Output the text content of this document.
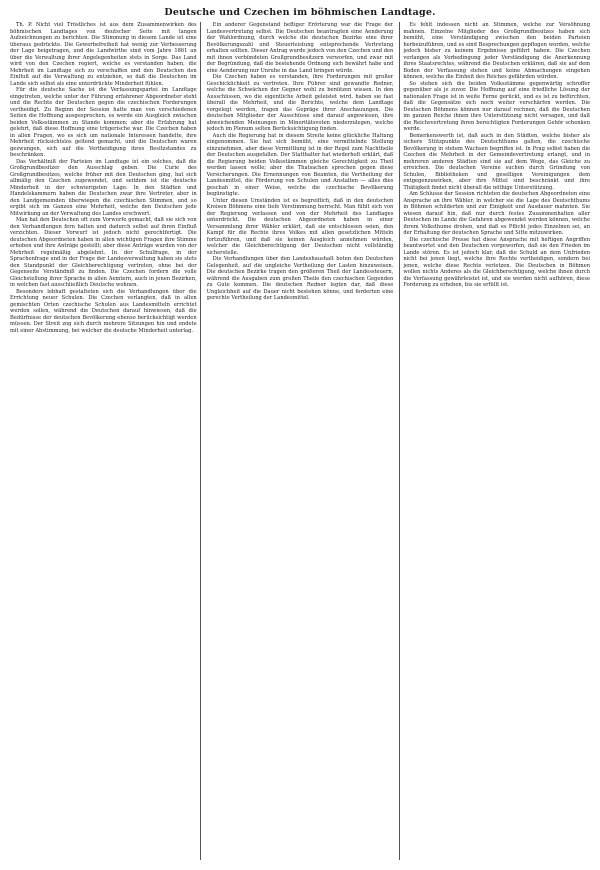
Deutsche und Czechen im böhmischen Landtage.

Th. P. Nicht viel Tröstliches ist aus dem Zusammenwirken des böhmischen Landtages von deutscher Seite mit langen Aufzeichnungen zu berichten. Die Stimmung in diesem Lande ist eine überaus gedrückte. Die Gewerbefreiheit hat wenig zur Verbesserung der Lage beigetragen, und die Landwirthe sind vom Jahre 1861 an über die Verwaltung ihrer Angelegenheiten stets in Sorge. Das Land wird von den Czechen regiert, welche es verstanden haben, die Mehrheit im Landtage sich zu verschaffen und den Deutschen den Einfluß auf die Verwaltung zu entziehen, so daß die Deutschen im Lande sich selbst als eine unterdrückte Minderheit fühlen.

Für die deutsche Sache ist die Verfassungspartei im Landtage eingetreten, welche unter der Führung erfahrener Abgeordneter steht und die Rechte der Deutschen gegen die czechischen Forderungen vertheidigt. Zu Beginn der Session hatte man von verschiedenen Seiten die Hoffnung ausgesprochen, es werde ein Ausgleich zwischen beiden Volksstämmen zu Stande kommen; aber die Erfahrung hat gelehrt, daß diese Hoffnung eine trügerische war. Die Czechen haben in allen Fragen, wo es sich um nationale Interessen handelte, ihre Mehrheit rücksichtslos geltend gemacht, und die Deutschen waren gezwungen, sich auf die Vertheidigung ihres Besitzstandes zu beschränken.

Das Verhältniß der Parteien im Landtage ist ein solches, daß die Großgrundbesitzer den Ausschlag geben. Die Curie des Großgrundbesitzes, welche früher mit den Deutschen ging, hat sich allmälig den Czechen zugewendet, und seitdem ist die deutsche Minderheit in der schwierigsten Lage. In den Städten und Handelskammern haben die Deutschen zwar ihre Vertreter, aber in den Landgemeinden überwiegen die czechischen Stimmen, und so ergibt sich im Ganzen eine Mehrheit, welche den Deutschen jede Mitwirkung an der Verwaltung des Landes erschwert.

Man hat den Deutschen oft zum Vorwurfe gemacht, daß sie sich von den Verhandlungen fern halten und dadurch selbst auf ihren Einfluß verzichten. Dieser Vorwurf ist jedoch nicht gerechtfertigt. Die deutschen Abgeordneten haben in allen wichtigen Fragen ihre Stimme erhoben und ihre Anträge gestellt; aber diese Anträge wurden von der Mehrheit regelmäßig abgelehnt. In der Schulfrage, in der Sprachenfrage und in der Frage der Landesverwaltung haben sie stets den Standpunkt der Gleichberechtigung vertreten, ohne bei der Gegenseite Verständniß zu finden. Die Czechen fordern die volle Gleichstellung ihrer Sprache in allen Aemtern, auch in jenen Bezirken, in welchen fast ausschließlich Deutsche wohnen.

Besonders lebhaft gestalteten sich die Verhandlungen über die Errichtung neuer Schulen. Die Czechen verlangten, daß in allen gemischten Orten czechische Schulen aus Landesmitteln errichtet werden sollen, während die Deutschen darauf hinwiesen, daß die Bedürfnisse der deutschen Bevölkerung ebenso berücksichtigt werden müssen. Der Streit zog sich durch mehrere Sitzungen hin und endete mit einer Abstimmung, bei welcher die deutsche Minderheit unterlag.

Ein anderer Gegenstand heftiger Erörterung war die Frage der Landesvertretung selbst. Die Deutschen beantragten eine Aenderung der Wahlordnung, durch welche die deutschen Bezirke eine ihrer Bevölkerungszahl und Steuerleistung entsprechende Vertretung erhalten sollten. Dieser Antrag wurde jedoch von den Czechen und den mit ihnen verbündeten Großgrundbesitzern verworfen, und zwar mit der Begründung, daß die bestehende Ordnung sich bewährt habe und eine Aenderung nur Unruhe in das Land bringen würde.

Die Czechen haben es verstanden, ihre Forderungen mit großer Geschicklichkeit zu vertreten. Ihre Führer sind gewandte Redner, welche die Schwächen der Gegner wohl zu benützen wissen. In den Ausschüssen, wo die eigentliche Arbeit geleistet wird, haben sie fast überall die Mehrheit, und die Berichte, welche dem Landtage vorgelegt werden, tragen das Gepräge ihrer Anschauungen. Die deutschen Mitglieder der Ausschüsse sind darauf angewiesen, ihre abweichenden Meinungen in Minoritätsvoten niederzulegen, welche jedoch im Plenum selten Berücksichtigung finden.

Auch die Regierung hat in diesem Streite keine glückliche Haltung eingenommen. Sie hat sich bemüht, eine vermittelnde Stellung einzunehmen, aber diese Vermittlung ist in der Regel zum Nachtheile der Deutschen ausgefallen. Der Statthalter hat wiederholt erklärt, daß die Regierung beiden Volksstämmen gleiche Gerechtigkeit zu Theil werden lassen wolle; aber die Thatsachen sprechen gegen diese Versicherungen. Die Ernennungen von Beamten, die Vertheilung der Landesmittel, die Förderung von Schulen und Anstalten — alles dies geschah in einer Weise, welche die czechische Bevölkerung begünstigte.

Unter diesen Umständen ist es begreiflich, daß in den deutschen Kreisen Böhmens eine tiefe Verstimmung herrscht. Man fühlt sich von der Regierung verlassen und von der Mehrheit des Landtages unterdrückt. Die deutschen Abgeordneten haben in einer Versammlung ihrer Wähler erklärt, daß sie entschlossen seien, den Kampf für die Rechte ihres Volkes mit allen gesetzlichen Mitteln fortzuführen, und daß sie keinen Ausgleich annehmen würden, welcher die Gleichberechtigung der Deutschen nicht vollständig sicherstelle.

Die Verhandlungen über den Landeshaushalt boten den Deutschen Gelegenheit, auf die ungleiche Vertheilung der Lasten hinzuweisen. Die deutschen Bezirke tragen den größeren Theil der Landessteuern, während die Ausgaben zum großen Theile den czechischen Gegenden zu Gute kommen. Die deutschen Redner legten dar, daß diese Ungleichheit auf die Dauer nicht bestehen könne, und forderten eine gerechte Vertheilung der Landesmittel.

Es fehlt indessen nicht an Stimmen, welche zur Versöhnung mahnen. Einzelne Mitglieder des Großgrundbesitzes haben sich bemüht, eine Verständigung zwischen den beiden Parteien herbeizuführen, und es sind Besprechungen gepflogen worden, welche jedoch bisher zu keinem Ergebnisse geführt haben. Die Czechen verlangen als Vorbedingung jeder Verständigung die Anerkennung ihres Staatsrechtes, während die Deutschen erklären, daß sie auf dem Boden der Verfassung stehen und keine Abmachungen eingehen können, welche die Einheit des Reiches gefährden würden.

So stehen sich die beiden Volksstämme gegenwärtig schroffer gegenüber als je zuvor. Die Hoffnung auf eine friedliche Lösung der nationalen Frage ist in weite Ferne gerückt, und es ist zu befürchten, daß die Gegensätze sich noch weiter verschärfen werden. Die Deutschen Böhmens können nur darauf rechnen, daß die Deutschen im ganzen Reiche ihnen ihre Unterstützung nicht versagen, und daß die Reichsvertretung ihren berechtigten Forderungen Gehör schenken werde.

Bemerkenswerth ist, daß auch in den Städten, welche bisher als sichere Stützpunkte des Deutschthums galten, die czechische Bevölkerung in stetem Wachsen begriffen ist. In Prag selbst haben die Czechen die Mehrheit in der Gemeindevertretung erlangt, und in mehreren anderen Städten sind sie auf dem Wege, das Gleiche zu erreichen. Die deutschen Vereine suchen durch Gründung von Schulen, Bibliotheken und geselligen Vereinigungen dem entgegenzuwirken, aber ihre Mittel sind beschränkt und ihre Thätigkeit findet nicht überall die nöthige Unterstützung.

Am Schlusse der Session richteten die deutschen Abgeordneten eine Ansprache an ihre Wähler, in welcher sie die Lage des Deutschthums in Böhmen schilderten und zur Einigkeit und Ausdauer mahnten. Sie wiesen darauf hin, daß nur durch festes Zusammenhalten aller Deutschen im Lande die Gefahren abgewendet werden können, welche ihrem Volksthume drohen, und daß es Pflicht jedes Einzelnen sei, an der Erhaltung der deutschen Sprache und Sitte mitzuwirken.

Die czechische Presse hat diese Ansprache mit heftigen Angriffen beantwortet und den Deutschen vorgeworfen, daß sie den Frieden im Lande stören. Es ist jedoch klar, daß die Schuld an dem Unfrieden nicht bei jenen liegt, welche ihre Rechte vertheidigen, sondern bei jenen, welche diese Rechte verletzen. Die Deutschen in Böhmen wollen nichts Anderes als die Gleichberechtigung, welche ihnen durch die Verfassung gewährleistet ist, und sie werden nicht aufhören, diese Forderung zu erheben, bis sie erfüllt ist.
